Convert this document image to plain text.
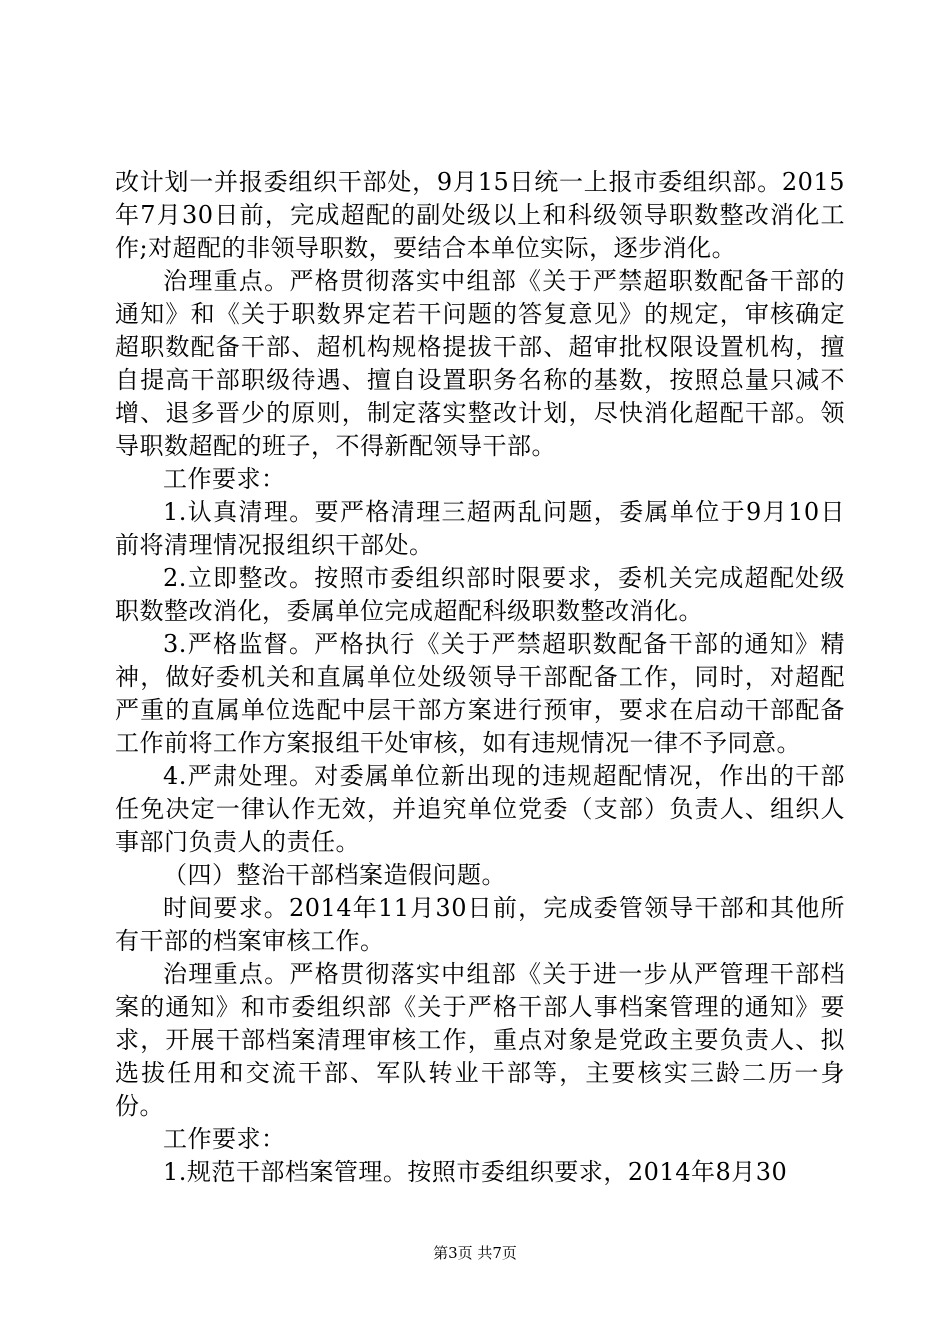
改计划一并报委组织干部处，9月15日统一上报市委组织部。2015年7月30日前，完成超配的副处级以上和科级领导职数整改消化工作;对超配的非领导职数，要结合本单位实际，逐步消化。

治理重点。严格贯彻落实中组部《关于严禁超职数配备干部的通知》和《关于职数界定若干问题的答复意见》的规定，审核确定超职数配备干部、超机构规格提拔干部、超审批权限设置机构，擅自提高干部职级待遇、擅自设置职务名称的基数，按照总量只减不增、退多晋少的原则，制定落实整改计划，尽快消化超配干部。领导职数超配的班子，不得新配领导干部。

工作要求：

1.认真清理。要严格清理三超两乱问题，委属单位于9月10日前将清理情况报组织干部处。

2.立即整改。按照市委组织部时限要求，委机关完成超配处级职数整改消化，委属单位完成超配科级职数整改消化。

3.严格监督。严格执行《关于严禁超职数配备干部的通知》精神，做好委机关和直属单位处级领导干部配备工作，同时，对超配严重的直属单位选配中层干部方案进行预审，要求在启动干部配备工作前将工作方案报组干处审核，如有违规情况一律不予同意。

4.严肃处理。对委属单位新出现的违规超配情况，作出的干部任免决定一律认作无效，并追究单位党委（支部）负责人、组织人事部门负责人的责任。

（四）整治干部档案造假问题。

时间要求。2014年11月30日前，完成委管领导干部和其他所有干部的档案审核工作。

治理重点。严格贯彻落实中组部《关于进一步从严管理干部档案的通知》和市委组织部《关于严格干部人事档案管理的通知》要求，开展干部档案清理审核工作，重点对象是党政主要负责人、拟选拔任用和交流干部、军队转业干部等，主要核实三龄二历一身份。

工作要求：

1.规范干部档案管理。按照市委组织要求，2014年8月30

第3页 共7页
